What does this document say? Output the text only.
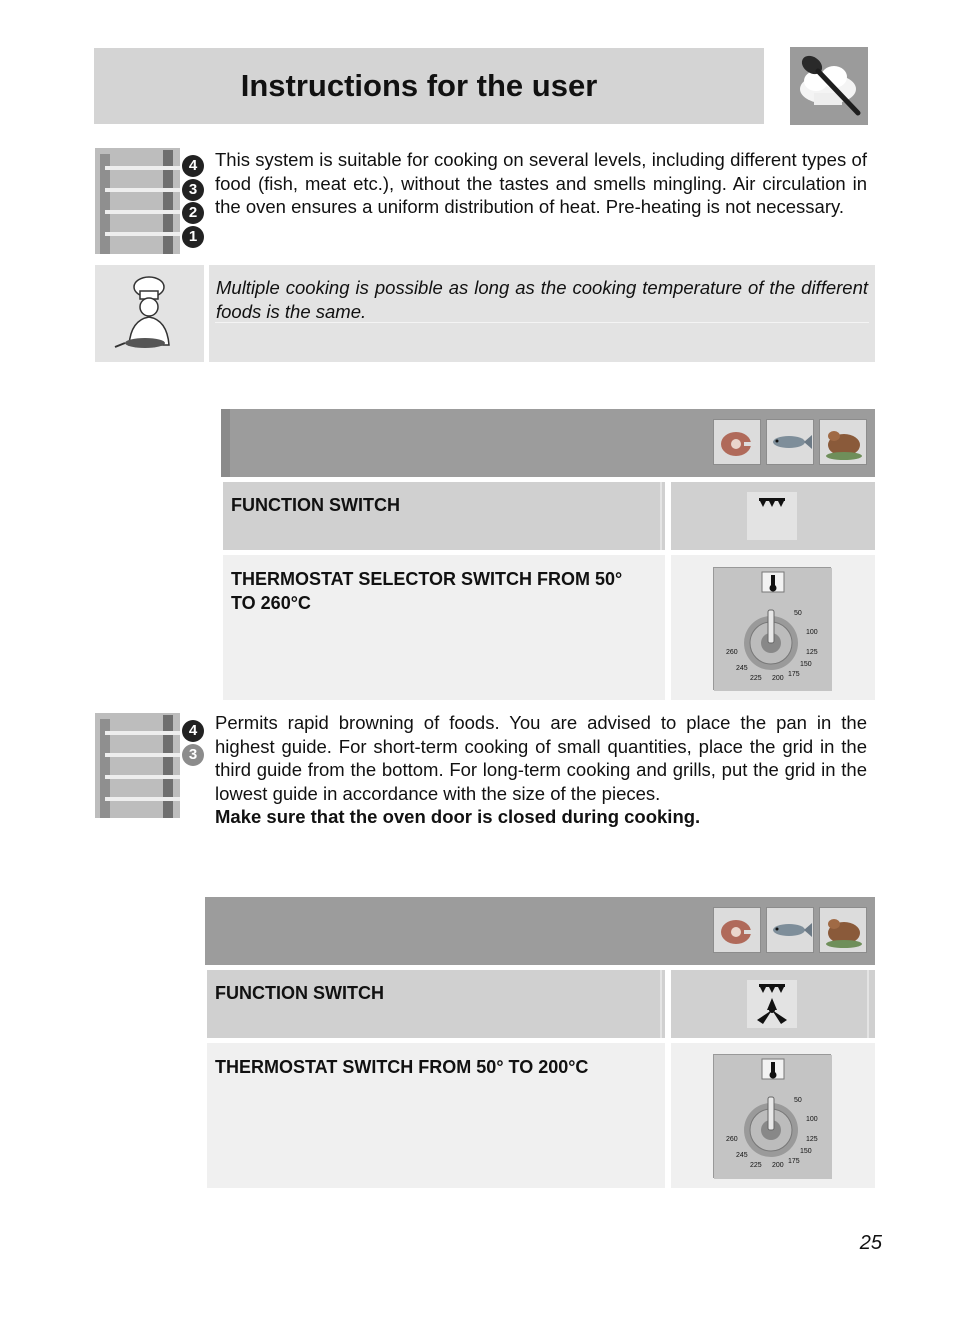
Instructions for the user
4
3
2
1
This system is suitable for cooking on several levels, including different types of food (fish, meat etc.), without the tastes and smells mingling. Air circulation in the oven ensures a uniform distribution of heat. Pre-heating is not necessary.
Multiple cooking is possible as long as the cooking temperature of the different foods is the same.
FUNCTION SWITCH
THERMOSTAT SELECTOR SWITCH FROM 50° TO 260°C
50
100
125
150
175
200
225
245
260
4
3
Permits rapid browning of foods. You are advised to place the pan in the highest guide. For short-term cooking of small quantities, place the grid in the third guide from the bottom. For long-term cooking and grills, put the grid in the lowest guide in accordance with the size of the pieces.
Make sure that the oven door is closed during cooking.
FUNCTION SWITCH
THERMOSTAT SWITCH FROM 50° TO 200°C
50
100
125
150
175
200
225
245
260
25
